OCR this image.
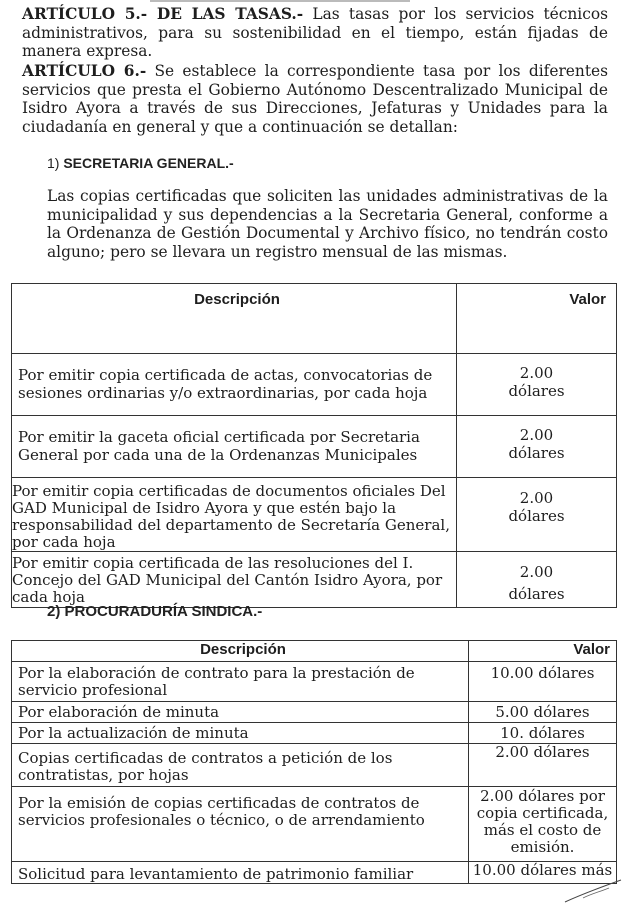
ARTÍCULO 5.- DE LAS TASAS.- Las tasas por los servicios técnicos administrativos, para su sostenibilidad en el tiempo, están fijadas de manera expresa.
ARTÍCULO 6.- Se establece la correspondiente tasa por los diferentes servicios que presta el Gobierno Autónomo Descentralizado Municipal de Isidro Ayora a través de sus Direcciones, Jefaturas y Unidades para la ciudadanía en general y que a continuación se detallan:
1) SECRETARIA GENERAL.-
Las copias certificadas que soliciten las unidades administrativas de la municipalidad y sus dependencias a la Secretaria General, conforme a la Ordenanza de Gestión Documental y Archivo físico, no tendrán costo alguno; pero se llevara un registro mensual de las mismas.
Descripción	Valor
Por emitir copia certificada de actas, convocatorias de sesiones ordinarias y/o extraordinarias, por cada hoja	2.00
dólares

Por emitir la gaceta oficial certificada por Secretaria General por cada una de la Ordenanzas Municipales	2.00
dólares

Por emitir copia certificadas de documentos oficiales Del GAD Municipal de Isidro Ayora y que estén bajo la responsabilidad del departamento de Secretaría General, por cada hoja	2.00
dólares

Por emitir copia certificada de las resoluciones del I. Concejo del GAD Municipal del Cantón Isidro Ayora, por cada hoja	2.00
dólares
2) PROCURADURÍA SINDICA.-
Descripción	Valor
Por la elaboración de contrato para la prestación de servicio profesional	10.00 dólares
Por elaboración de minuta	5.00 dólares
Por la actualización de minuta	10. dólares
Copias certificadas de contratos a petición de los contratistas, por hojas	2.00 dólares
Por la emisión de copias certificadas de contratos de servicios profesionales o técnico, o de arrendamiento	2.00 dólares por copia certificada, más el costo de emisión.
Solicitud para levantamiento de patrimonio familiar	10.00 dólares más
